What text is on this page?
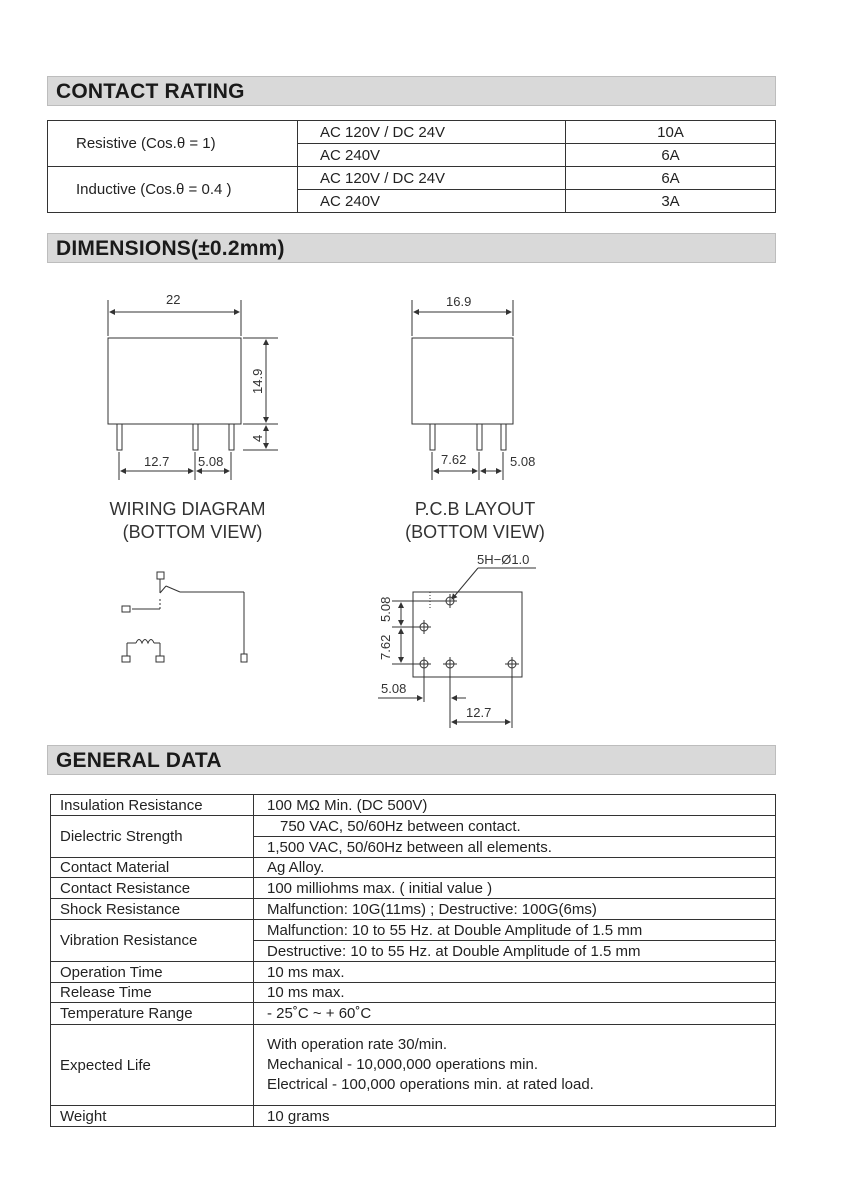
CONTACT RATING
Resistive (Cos.θ = 1)	AC 120V / DC 24V	10A
	AC 240V	6A
Inductive (Cos.θ = 0.4 )	AC 120V / DC 24V	6A
	AC 240V	3A
DIMENSIONS(±0.2mm)
22
14.9
4
12.7 5.08
16.9
7.62	5.08
5H−Ø1.0
5.08
7.62
5.08
12.7
WIRING DIAGRAM
(BOTTOM VIEW)
P.C.B LAYOUT
(BOTTOM VIEW)
GENERAL DATA
Insulation Resistance	100 MΩ Min. (DC 500V)
Dielectric Strength	750 VAC, 50/60Hz between contact.
	1,500 VAC, 50/60Hz between all elements.
Contact Material	Ag Alloy.
Contact Resistance	100 milliohms max. ( initial value )
Shock Resistance	Malfunction: 10G(11ms) ; Destructive: 100G(6ms)
Vibration Resistance	Malfunction: 10 to 55 Hz. at Double Amplitude of 1.5 mm
	Destructive: 10 to 55 Hz. at Double Amplitude of 1.5 mm
Operation Time	10 ms max.
Release Time	10 ms max.
Temperature Range	- 25˚C ~ + 60˚C
Expected Life	With operation rate 30/min.
Mechanical - 10,000,000 operations min.
Electrical - 100,000 operations min. at rated load.

Weight	10 grams
